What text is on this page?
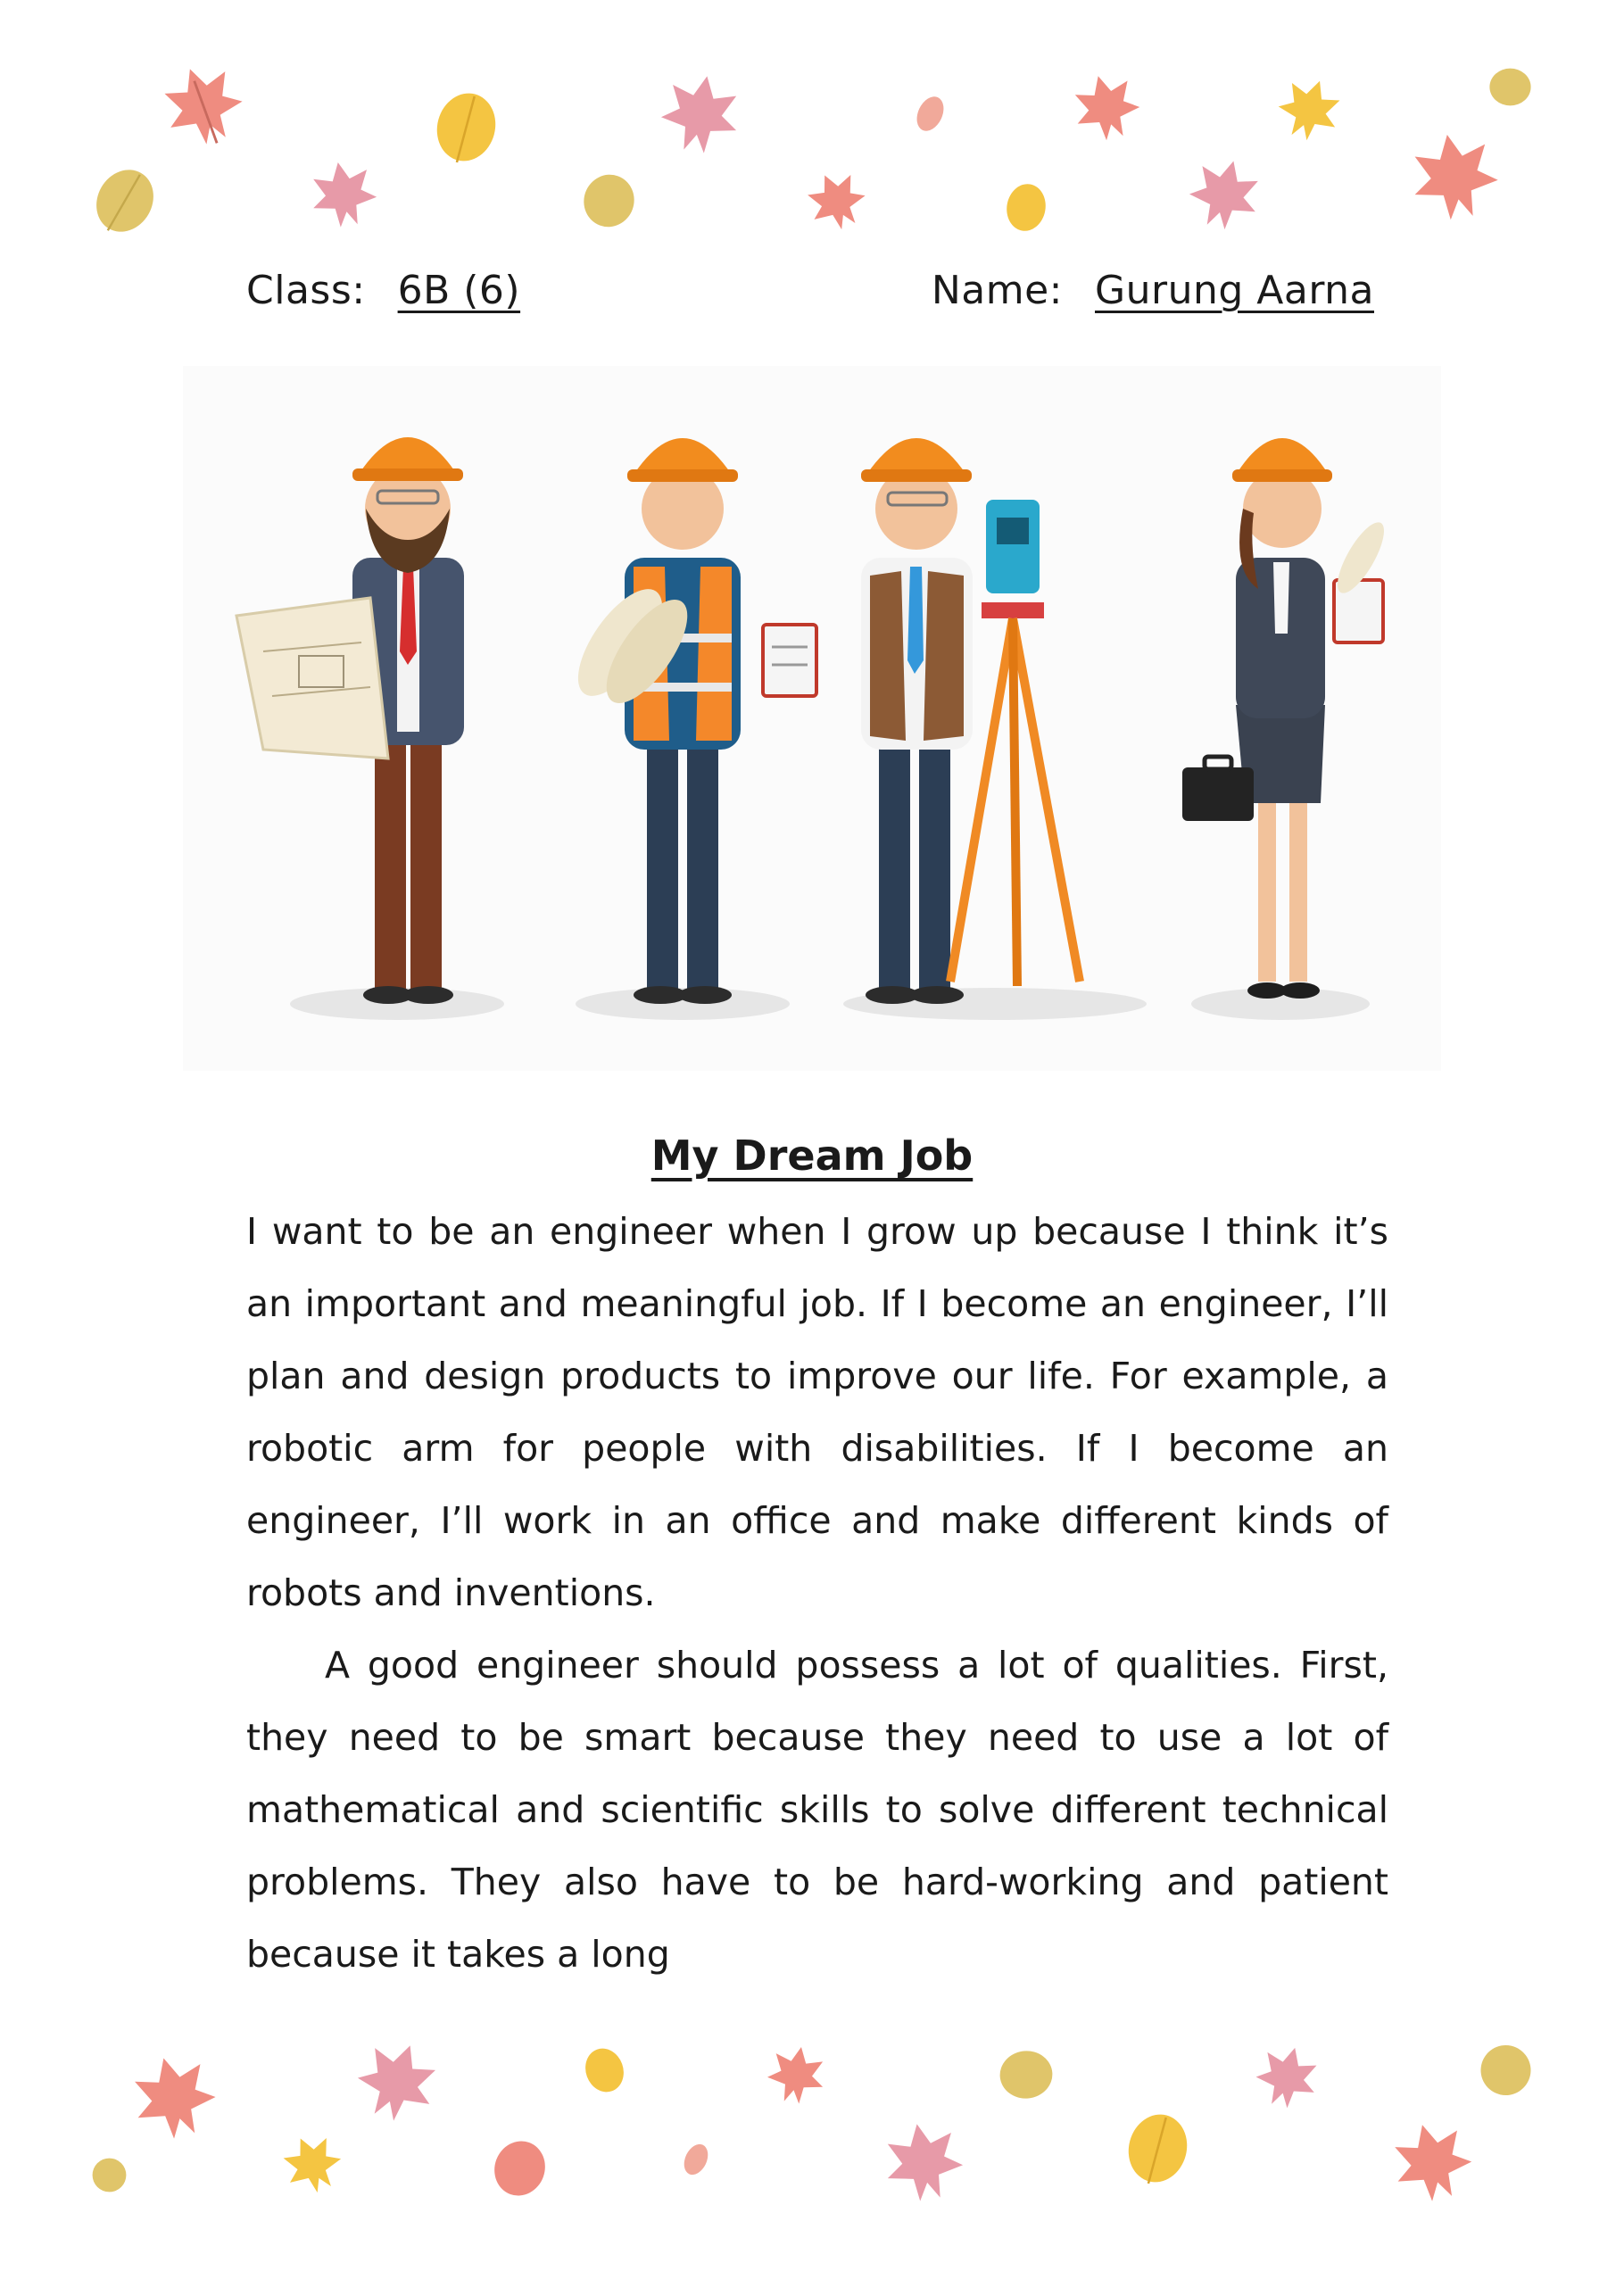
Class: 6B (6)	Name: Gurung Aarna
My Dream Job

I want to be an engineer when I grow up because I think it’s an important and meaningful job. If I become an engineer, I’ll plan and design products to improve our life. For example, a robotic arm for people with disabilities. If I become an engineer, I’ll work in an office and make different kinds of robots and inventions.

A good engineer should possess a lot of qualities. First, they need to be smart because they need to use a lot of mathematical and scientific skills to solve different technical problems. They also have to be hard-working and patient because it takes a long
